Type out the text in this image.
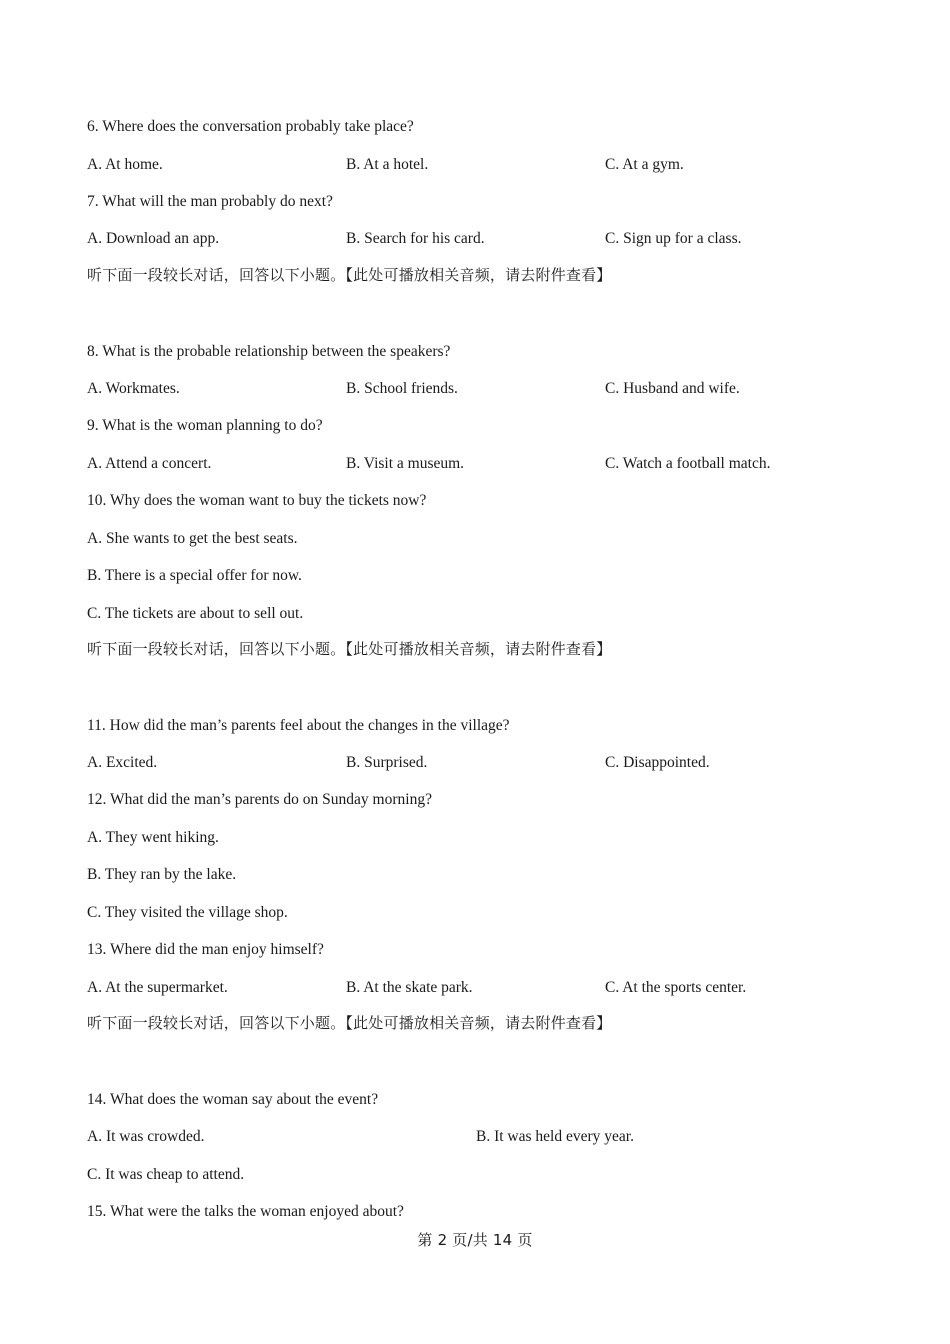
6. Where does the conversation probably take place?
A. At home.	B. At a hotel.	C. At a gym.
7. What will the man probably do next?
A. Download an app.	B. Search for his card.	C. Sign up for a class.
听下面一段较长对话，回答以下小题。【此处可播放相关音频，请去附件查看】
8. What is the probable relationship between the speakers?
A. Workmates.	B. School friends.	C. Husband and wife.
9. What is the woman planning to do?
A. Attend a concert.	B. Visit a museum.	C. Watch a football match.
10. Why does the woman want to buy the tickets now?
A. She wants to get the best seats.
B. There is a special offer for now.
C. The tickets are about to sell out.
听下面一段较长对话，回答以下小题。【此处可播放相关音频，请去附件查看】
11. How did the man’s parents feel about the changes in the village?
A. Excited.	B. Surprised.	C. Disappointed.
12. What did the man’s parents do on Sunday morning?
A. They went hiking.
B. They ran by the lake.
C. They visited the village shop.
13. Where did the man enjoy himself?
A. At the supermarket.	B. At the skate park.	C. At the sports center.
听下面一段较长对话，回答以下小题。【此处可播放相关音频，请去附件查看】
14. What does the woman say about the event?
A. It was crowded.	B. It was held every year.
C. It was cheap to attend.
15. What were the talks the woman enjoyed about?
第 2 页/共 14 页
